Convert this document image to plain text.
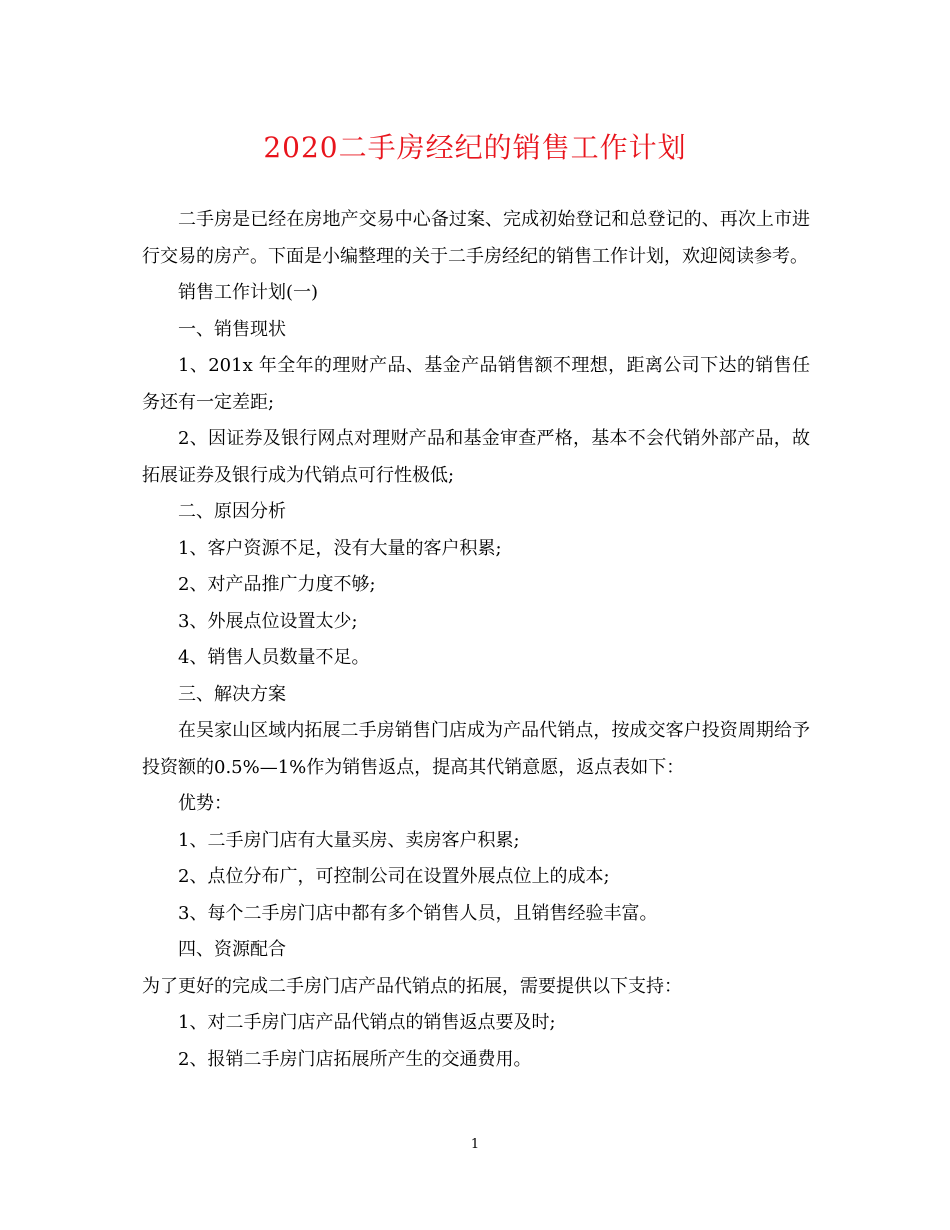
2020二手房经纪的销售工作计划

二手房是已经在房地产交易中心备过案、完成初始登记和总登记的、再次上市进行交易的房产。下面是小编整理的关于二手房经纪的销售工作计划，欢迎阅读参考。

销售工作计划(一)

一、销售现状

1、201x 年全年的理财产品、基金产品销售额不理想，距离公司下达的销售任务还有一定差距;

2、因证券及银行网点对理财产品和基金审查严格，基本不会代销外部产品，故拓展证券及银行成为代销点可行性极低;

二、原因分析

1、客户资源不足，没有大量的客户积累;

2、对产品推广力度不够;

3、外展点位设置太少;

4、销售人员数量不足。

三、解决方案

在吴家山区域内拓展二手房销售门店成为产品代销点，按成交客户投资周期给予投资额的0.5%—1%作为销售返点，提高其代销意愿，返点表如下：

优势：

1、二手房门店有大量买房、卖房客户积累;

2、点位分布广，可控制公司在设置外展点位上的成本;

3、每个二手房门店中都有多个销售人员，且销售经验丰富。

四、资源配合

为了更好的完成二手房门店产品代销点的拓展，需要提供以下支持：

1、对二手房门店产品代销点的销售返点要及时;

2、报销二手房门店拓展所产生的交通费用。

1
